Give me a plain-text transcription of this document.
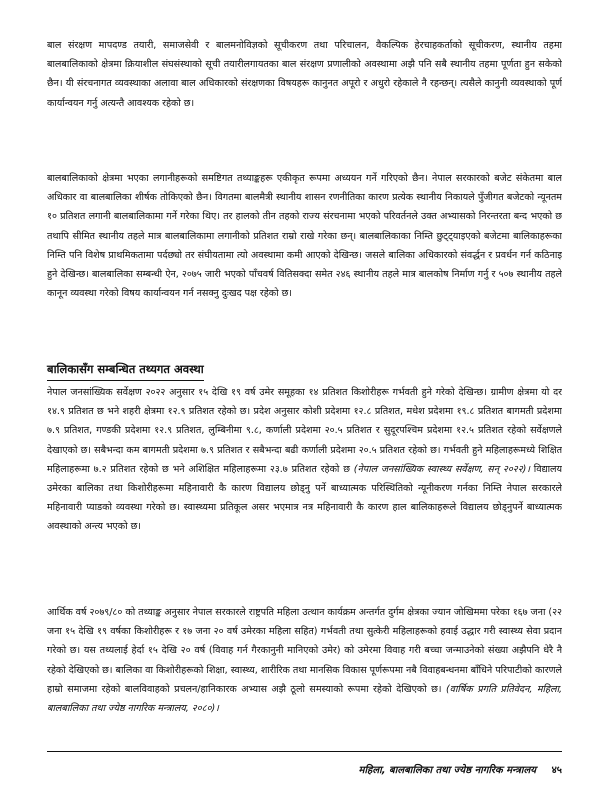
बाल संरक्षण मापदण्ड तयारी, समाजसेवी र बालमनोविज्ञको सूचीकरण तथा परिचालन, वैकल्पिक हेरचाहकर्ताको सूचीकरण, स्थानीय तहमा बालबालिकाको क्षेत्रमा क्रियाशील संघसंस्थाको सूची तयारीलगायतका बाल संरक्षण प्रणालीको अवस्थामा अझै पनि सबै स्थानीय तहमा पूर्णता हुन सकेको छैन। यी संरचनागत व्यवस्थाका अलावा बाल अधिकारको संरक्षणका विषयहरू कानुनत अपूरो र अधुरो रहेकाले नै रहन्छन्। त्यसैले कानुनी व्यवस्थाको पूर्ण कार्यान्वयन गर्नु अत्यन्तै आवश्यक रहेको छ।

बालबालिकाको क्षेत्रमा भएका लगानीहरूको समष्टिगत तथ्याङ्कहरू एकीकृत रूपमा अध्ययन गर्ने गरिएको छैन। नेपाल सरकारको बजेट संकेतमा बाल अधिकार वा बालबालिका शीर्षक तोकिएको छैन। विगतमा बालमैत्री स्थानीय शासन रणनीतिका कारण प्रत्येक स्थानीय निकायले पुँजीगत बजेटको न्यूनतम १० प्रतिशत लगानी बालबालिकामा गर्ने गरेका थिए। तर हालको तीन तहको राज्य संरचनामा भएको परिवर्तनले उक्त अभ्यासको निरन्तरता बन्द भएको छ तथापि सीमित स्थानीय तहले मात्र बालबालिकामा लगानीको प्रतिशत राम्रो राखे गरेका छन्। बालबालिकाका निम्ति छुट्ट्याइएको बजेटमा बालिकाहरूका निम्ति पनि विशेष प्राथमिकतामा पर्दछ्यो तर संघीयतामा त्यो अवस्थामा कमी आएको देखिन्छ। जसले बालिका अधिकारको संवर्द्धन र प्रवर्धन गर्न कठिनाइ हुने देखिन्छ। बालबालिका सम्बन्धी ऐन, २०७५ जारी भएको पाँचवर्ष वितिसक्दा समेत २४६ स्थानीय तहले मात्र बालकोष निर्माण गर्नु र ५०७ स्थानीय तहले कानून व्यवस्था गरेको विषय कार्यान्वयन गर्न नसक्नु दुःखद पक्ष रहेको छ।

बालिकासँग सम्बन्धित तथ्यगत अवस्था

नेपाल जनसांख्यिक सर्वेक्षण २०२२ अनुसार १५ देखि १९ वर्ष उमेर समूहका १४ प्रतिशत किशोरीहरू गर्भवती हुने गरेको देखिन्छ। ग्रामीण क्षेत्रमा यो दर १४.९ प्रतिशत छ भने शहरी क्षेत्रमा १२.९ प्रतिशत रहेको छ। प्रदेश अनुसार कोशी प्रदेशमा १२.८ प्रतिशत, मधेश प्रदेशमा १९.८ प्रतिशत बागमती प्रदेशमा ७.९ प्रतिशत, गण्डकी प्रदेशमा १२.९ प्रतिशत, लुम्बिनीमा ९.८, कर्णाली प्रदेशमा २०.५ प्रतिशत र सुदूरपश्चिम प्रदेशमा १२.५ प्रतिशत रहेको सर्वेक्षणले देखाएको छ। सबैभन्दा कम बागमती प्रदेशमा ७.९ प्रतिशत र सबैभन्दा बढी कर्णाली प्रदेशमा २०.५ प्रतिशत रहेको छ। गर्भवती हुने महिलाहरूमध्ये शिक्षित महिलाहरूमा ७.२ प्रतिशत रहेको छ भने अशिक्षित महिलाहरूमा २३.७ प्रतिशत रहेको छ (नेपाल जनसांख्यिक स्वास्थ्य सर्वेक्षण, सन् २०२२)। विद्यालय उमेरका बालिका तथा किशोरीहरूमा महिनावारी कै कारण विद्यालय छोड्नु पर्ने बाध्यात्मक परिस्थितिको न्यूनीकरण गर्नका निम्ति नेपाल सरकारले महिनावारी प्याडको व्यवस्था गरेको छ। स्वास्थ्यमा प्रतिकूल असर भएमात्र नत्र महिनावारी कै कारण हाल बालिकाहरूले विद्यालय छोड्नुपर्ने बाध्यात्मक अवस्थाको अन्त्य भएको छ।

आर्थिक वर्ष २०७९/८० को तथ्याङ्क अनुसार नेपाल सरकारले राष्ट्रपति महिला उत्थान कार्यक्रम अन्तर्गत दुर्गम क्षेत्रका ज्यान जोखिममा परेका १६७ जना (२२ जना १५ देखि १९ वर्षका किशोरीहरू र १७ जना २० वर्ष उमेरका महिला सहित) गर्भवती तथा सुत्केरी महिलाहरूको हवाई उद्धार गरी स्वास्थ्य सेवा प्रदान गरेको छ। यस तथ्यलाई हेर्दा १५ देखि २० वर्ष (विवाह गर्न गैरकानुनी मानिएको उमेर) को उमेरमा विवाह गरी बच्चा जन्माउनेको संख्या अझैपनि धेरै नै रहेको देखिएको छ। बालिका वा किशोरीहरूको शिक्षा, स्वास्थ्य, शारीरिक तथा मानसिक विकास पूर्णरूपमा नबै विवाहबन्धनमा बाँधिने परिपाटीको कारणले हाम्रो समाजमा रहेको बालविवाहको प्रचलन/हानिकारक अभ्यास अझै ठूलो समस्याको रूपमा रहेको देखिएको छ। (वार्षिक प्रगति प्रतिवेदन, महिला, बालबालिका तथा ज्येष्ठ नागरिक मन्त्रालय, २०८०)।

महिला, बालबालिका तथा ज्येष्ठ नागरिक मन्त्रालय ४५
